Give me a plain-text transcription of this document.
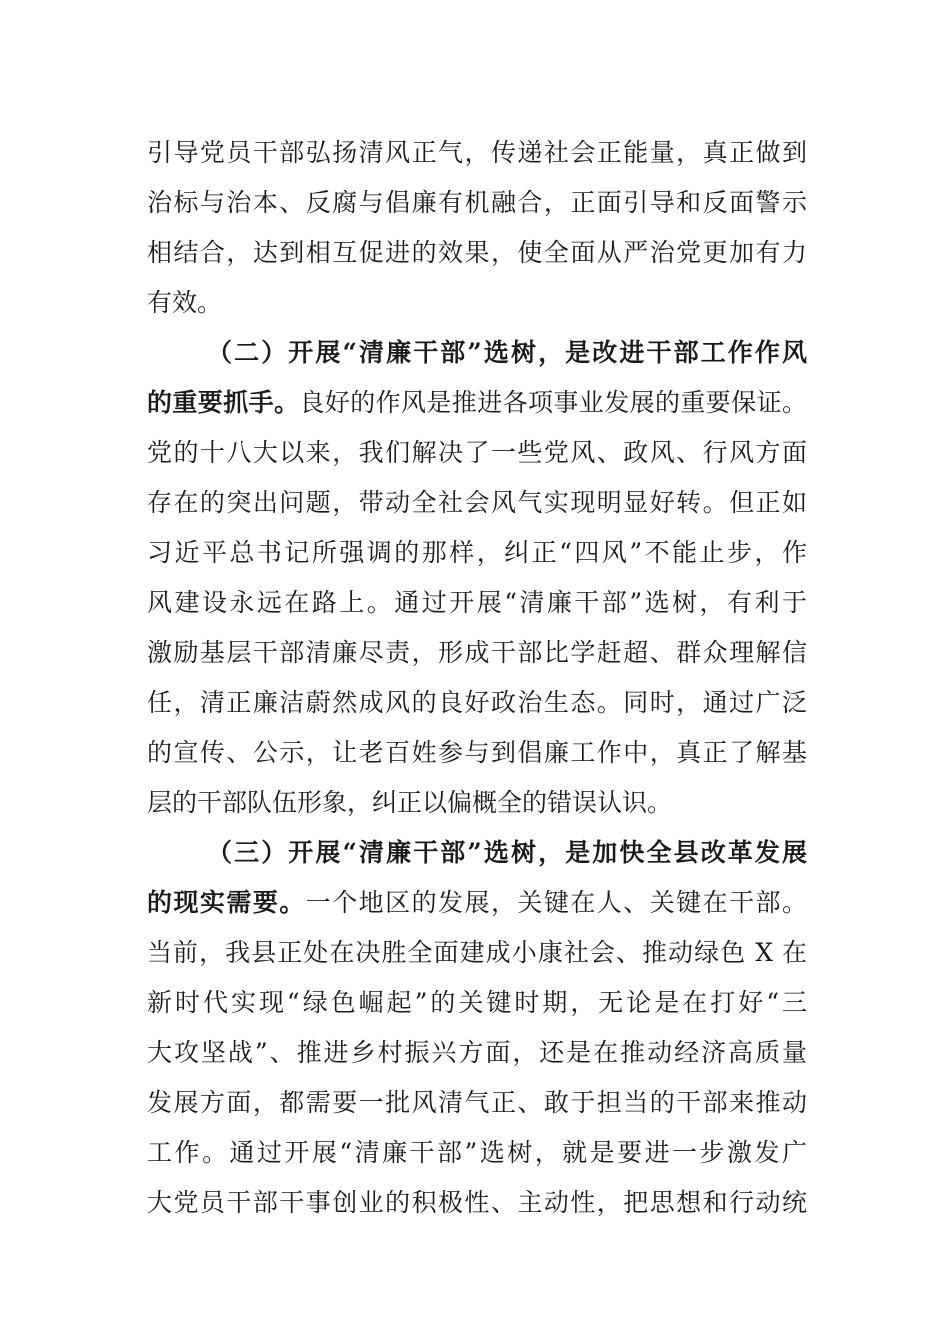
引导党员干部弘扬清风正气，传递社会正能量，真正做到
治标与治本、反腐与倡廉有机融合，正面引导和反面警示
相结合，达到相互促进的效果，使全面从严治党更加有力
有效。
（二）开展“清廉干部”选树，是改进干部工作作风
的重要抓手。良好的作风是推进各项事业发展的重要保证。
党的十八大以来，我们解决了一些党风、政风、行风方面
存在的突出问题，带动全社会风气实现明显好转。但正如
习近平总书记所强调的那样，纠正“四风”不能止步，作
风建设永远在路上。通过开展“清廉干部”选树，有利于
激励基层干部清廉尽责，形成干部比学赶超、群众理解信
任，清正廉洁蔚然成风的良好政治生态。同时，通过广泛
的宣传、公示，让老百姓参与到倡廉工作中，真正了解基
层的干部队伍形象，纠正以偏概全的错误认识。
（三）开展“清廉干部”选树，是加快全县改革发展
的现实需要。一个地区的发展，关键在人、关键在干部。
当前，我县正处在决胜全面建成小康社会、推动绿色 X 在
新时代实现“绿色崛起”的关键时期，无论是在打好“三
大攻坚战”、推进乡村振兴方面，还是在推动经济高质量
发展方面，都需要一批风清气正、敢于担当的干部来推动
工作。通过开展“清廉干部”选树，就是要进一步激发广
大党员干部干事创业的积极性、主动性，把思想和行动统
